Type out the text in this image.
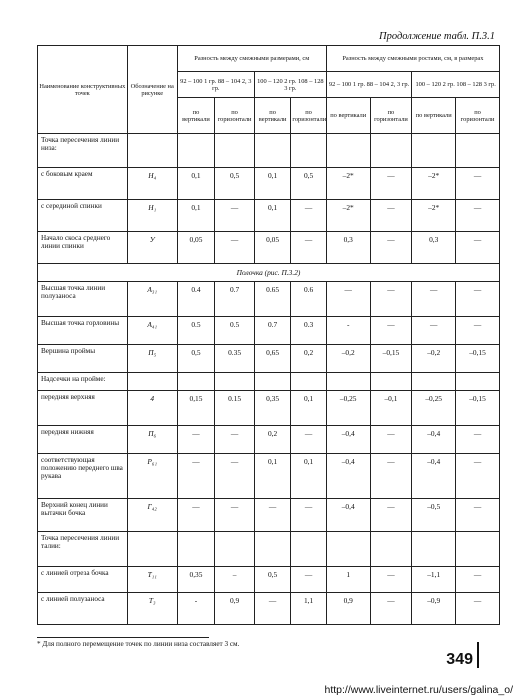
Продолжение табл. П.3.1
Наименование конструктивных точек	Обозначение на рисунке	Разность между смежными размерами, см				Разность между смежными ростами, см, в размерах			
		92 – 100 1 гр. 88 – 104 2, 3 гр.		100 – 120 2 гр. 108 – 128 3 гр.		92 – 100 1 гр. 88 – 104 2, 3 гр.		100 – 120 2 гр. 108 – 128 3 гр.	
		по вертикали	по горизонтали	по вертикали	по горизонтали	по вертикали	по горизонтали	по вертикали	по горизонтали
Точка пересечения линии низа:									
с боковым краем	Н₄	0,1	0,5	0,1	0,5	–2*	—	–2*	—
с серединой спинки	Н₁	0,1	—	0,1	—	–2*	—	–2*	—
Начало скоса среднего линии спинки	У	0,05	—	0,05	—	0,3	—	0,3	—
Полочка (рис. П.3.2)									
Высшая точка линии полузаноса	А₃₁	0.4	0.7	0.65	0.6	—	—	—	—
Высшая точка горловины	А₄₁	0.5	0.5	0.7	0.3	-	—	—	—
Вершина проймы	П₅	0,5	0.35	0,65	0,2	–0,2	–0,15	–0,2	–0,15
Надсечки на пройме:									
передняя верхняя	4	0,15	0.15	0,35	0,1	–0,25	–0,1	–0,25	–0,15
передняя нижняя	П₆	—	—	0,2	—	–0,4	—	–0,4	—
соответствующая положению переднего шва рукава	Р₆₁	—	—	0,1	0,1	–0,4	—	–0,4	—
Верхний конец линии вытачки бочка	Г₄₂	—	—	—	—	–0,4	—	–0,5	—
Точка пересечения линии талии:									
с линией отреза бочка	Т₁₁	0,35	–	0,5	—	1	—	–1,1	—
с линией полузаноса	Т₃	-	0,9	—	1,1	0,9	—	–0,9	—
* Для полного перемещение точек по линии низа составляет 3 см.
349
http://www.liveinternet.ru/users/galina_o/
